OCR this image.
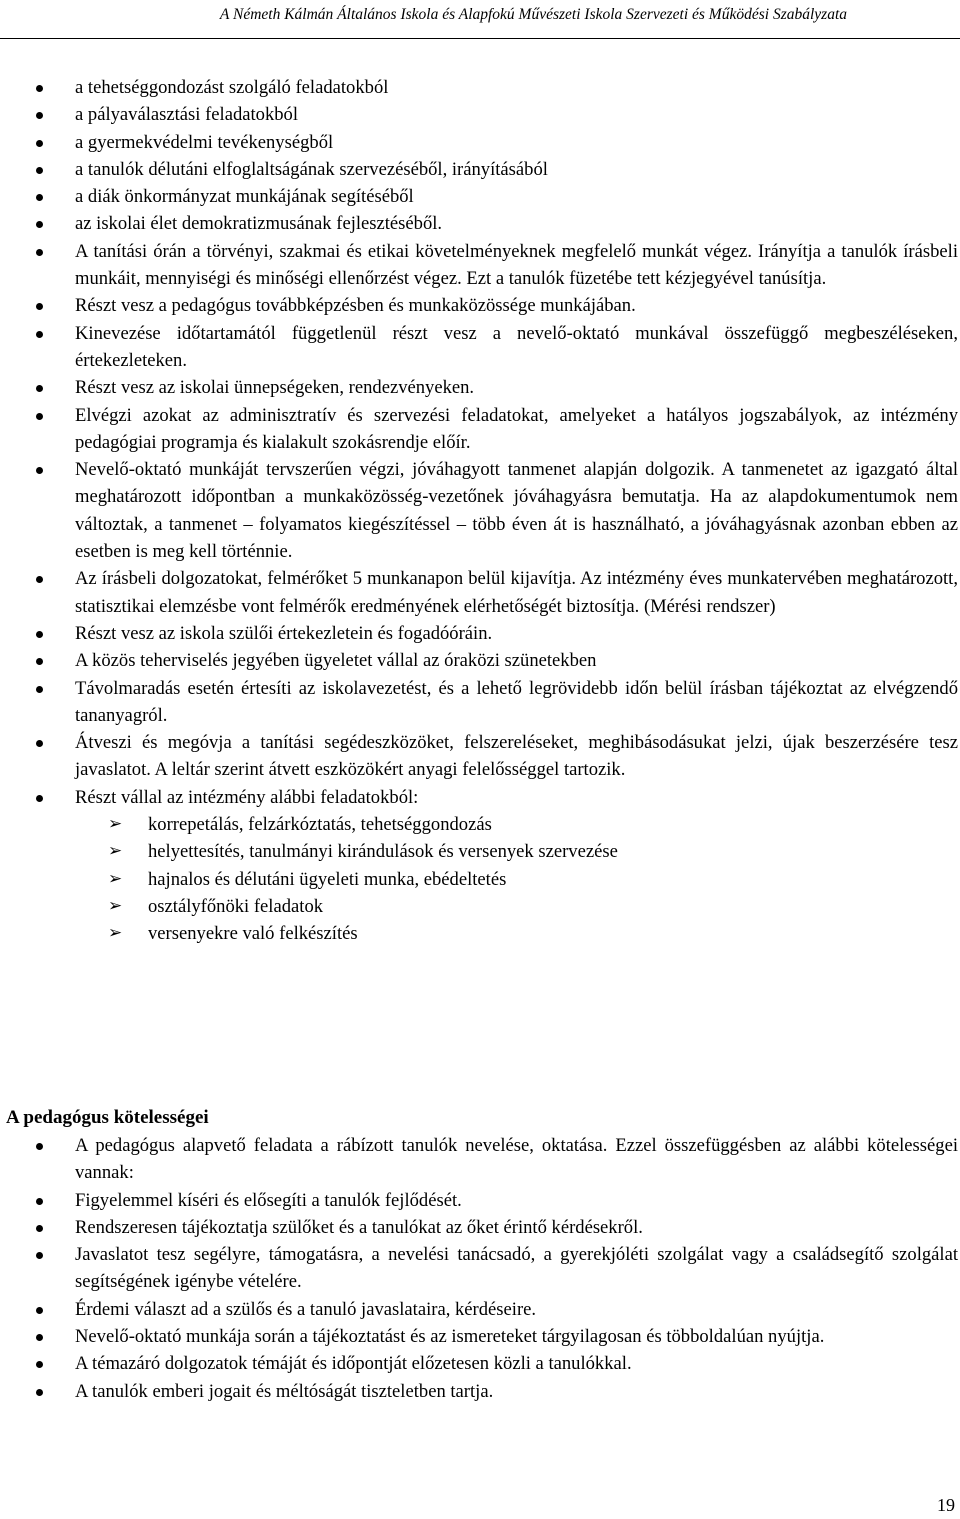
A Németh Kálmán Általános Iskola és Alapfokú Művészeti Iskola Szervezeti és Működési Szabályzata
a tehetséggondozást szolgáló feladatokból
a pályaválasztási feladatokból
a gyermekvédelmi tevékenységből
a tanulók délutáni elfoglaltságának szervezéséből, irányításából
a diák önkormányzat munkájának segítéséből
az iskolai élet demokratizmusának fejlesztéséből.
A tanítási órán a törvényi, szakmai és etikai követelményeknek megfelelő munkát végez. Irányítja a tanulók írásbeli munkáit, mennyiségi és minőségi ellenőrzést végez. Ezt a tanulók füzetébe tett kézjegyével tanúsítja.
Részt vesz a pedagógus továbbképzésben és munkaközössége munkájában.
Kinevezése időtartamától függetlenül részt vesz a nevelő-oktató munkával összefüggő megbeszéléseken, értekezleteken.
Részt vesz az iskolai ünnepségeken, rendezvényeken.
Elvégzi azokat az adminisztratív és szervezési feladatokat, amelyeket a hatályos jogszabályok, az intézmény pedagógiai programja és kialakult szokásrendje előír.
Nevelő-oktató munkáját tervszerűen végzi, jóváhagyott tanmenet alapján dolgozik. A tanmenetet az igazgató által meghatározott időpontban a munkaközösség-vezetőnek jóváhagyásra bemutatja. Ha az alapdokumentumok nem változtak, a tanmenet – folyamatos kiegészítéssel – több éven át is használható, a jóváhagyásnak azonban ebben az esetben is meg kell történnie.
Az írásbeli dolgozatokat, felmérőket 5 munkanapon belül kijavítja. Az intézmény éves munkatervében meghatározott, statisztikai elemzésbe vont felmérők eredményének elérhetőségét biztosítja. (Mérési rendszer)
Részt vesz az iskola szülői értekezletein és fogadóóráin.
A közös teherviselés jegyében ügyeletet vállal az óraközi szünetekben
Távolmaradás esetén értesíti az iskolavezetést, és a lehető legrövidebb időn belül írásban tájékoztat az elvégzendő tananyagról.
Átveszi és megóvja a tanítási segédeszközöket, felszereléseket, meghibásodásukat jelzi, újak beszerzésére tesz javaslatot. A leltár szerint átvett eszközökért anyagi felelősséggel tartozik.
Részt vállal az intézmény alábbi feladatokból:
➢ korrepetálás, felzárkóztatás, tehetséggondozás
➢ helyettesítés, tanulmányi kirándulások és versenyek szervezése
➢ hajnalos és délutáni ügyeleti munka, ebédeltetés
➢ osztályfőnöki feladatok
➢ versenyekre való felkészítés
A pedagógus kötelességei
A pedagógus alapvető feladata a rábízott tanulók nevelése, oktatása. Ezzel összefüggésben az alábbi kötelességei vannak:
Figyelemmel kíséri és elősegíti a tanulók fejlődését.
Rendszeresen tájékoztatja szülőket és a tanulókat az őket érintő kérdésekről.
Javaslatot tesz segélyre, támogatásra, a nevelési tanácsadó, a gyerekjóléti szolgálat vagy a családsegítő szolgálat segítségének igénybe vételére.
Érdemi választ ad a szülős és a tanuló javaslataira, kérdéseire.
Nevelő-oktató munkája során a tájékoztatást és az ismereteket tárgyilagosan és többoldalúan nyújtja.
A témazáró dolgozatok témáját és időpontját előzetesen közli a tanulókkal.
A tanulók emberi jogait és méltóságát tiszteletben tartja.
19
